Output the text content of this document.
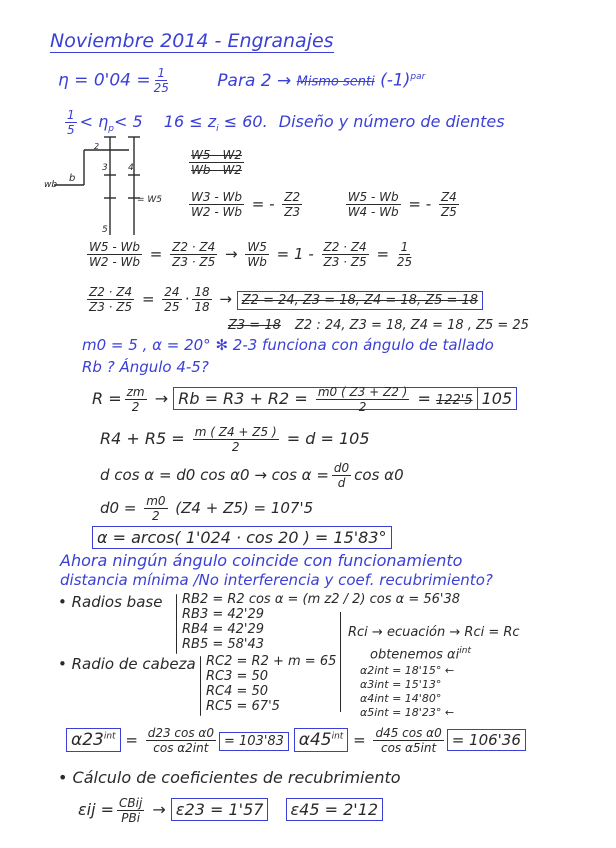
Noviembre 2014 - Engranajes
$\eta = 0'04 = \frac{1}{25}$	Para 2 → Mismo senti $(-1)^{par}$
$\frac{1}{5} < \eta_p< 5$ $16 \le z_i \le 60$. Diseño y número de dientes
wb
b
2
3 4
5
= W5
$\frac{W5 - W2}{Wb - W2}$
$\frac{W3 - Wb}{W2 - Wb}$ = - $\frac{Z2}{Z3}$
	$\frac{W5 - Wb}{W4 - Wb}$ = - $\frac{Z4}{Z5}$
$\frac{W5 - Wb}{W2 - Wb} = \frac{Z2 \cdot Z4}{Z3 \cdot Z5} \to \frac{W5}{Wb} = 1 - \frac{Z2 \cdot Z4}{Z3 \cdot Z5} = \frac{1}{25}$
$\frac{Z2 \cdot Z4}{Z3 \cdot Z5} = \frac{24}{25} \cdot \frac{18}{18} \to Z2 = 24$, Z3 = 18, Z4 = 18, Z5 = 18
Z3 = 18 Z2 : 24, Z3 = 18, Z4 = 18 , Z5 = 25
m0 = 5 , α = 20° ✻ 2-3 funciona con ángulo de tallado
Rb ? Ángulo 4-5?
$R = \frac{zm}{2} \to Rb = R3 + R2 = \frac{m0 ( Z3 + Z2 )}{2} = 122'5$ 105
$R4 + R5 = \frac{m ( Z4 + Z5 )}{2} = d = 105$
d cos α = d0 $\cos \alpha 0 \to \cos \alpha = \frac{d0}{d}$ cos α0
$d0 = \frac{m0}{2} (Z4 + Z5) = 107'5$
α = arcos( 1'024 · cos 20 ) = 15'83°
Ahora ningún ángulo coincide con funcionamiento
distancia mínima /No interferencia y coef. recubrimiento?
• Radios base RB2 = R2 cos α = (m z2 / 2) cos α = 56'38
RB3 = 42'29
RB4 = 42'29
RB5 = 58'43
• Radio de cabeza RC2 = R2 + m = 65
RC3 = 50
RC4 = 50
RC5 = 67'5
Rci → ecuación → Rci = Rc
obtenemos $\alpha i^{int}$
α2int = 18'15° ←
α3int = 15'13°
α4int = 14'80°
α5int = 18'23° ←
$\alpha 23^{int} = d23$ cos α0
cos α2int = 103'83 $\alpha 45^{int} = d45$ cos α0
cos α5int = 106'36
• Cálculo de coeficientes de recubrimiento
εij = CBij
PBi → ε23 = 1'57 ε45 = 2'12
